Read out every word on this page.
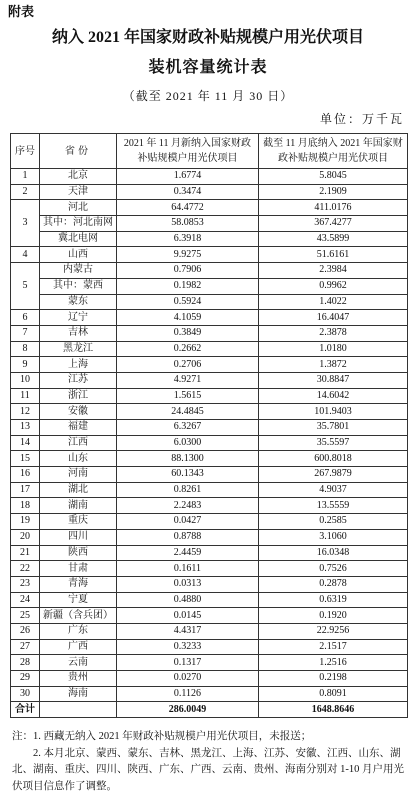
附表
纳入 2021 年国家财政补贴规模户用光伏项目
装机容量统计表
（截至 2021 年 11 月 30 日）
单位：万千瓦
序号	省份	2021 年 11 月新纳入国家财政补贴规模户用光伏项目	截至 11 月底纳入 2021 年国家财政补贴规模户用光伏项目
1	北京	1.6774	5.8045
2	天津	0.3474	2.1909
3	河北	64.4772	411.0176
	其中：河北南网	58.0853	367.4277
	冀北电网	6.3918	43.5899
4	山西	9.9275	51.6161
5	内蒙古	0.7906	2.3984
	其中：蒙西	0.1982	0.9962
	蒙东	0.5924	1.4022
6	辽宁	4.1059	16.4047
7	吉林	0.3849	2.3878
8	黑龙江	0.2662	1.0180
9	上海	0.2706	1.3872
10	江苏	4.9271	30.8847
11	浙江	1.5615	14.6042
12	安徽	24.4845	101.9403
13	福建	6.3267	35.7801
14	江西	6.0300	35.5597
15	山东	88.1300	600.8018
16	河南	60.1343	267.9879
17	湖北	0.8261	4.9037
18	湖南	2.2483	13.5559
19	重庆	0.0427	0.2585
20	四川	0.8788	3.1060
21	陕西	2.4459	16.0348
22	甘肃	0.1611	0.7526
23	青海	0.0313	0.2878
24	宁夏	0.4880	0.6319
25	新疆（含兵团）	0.0145	0.1920
26	广东	4.4317	22.9256
27	广西	0.3233	2.1517
28	云南	0.1317	1.2516
29	贵州	0.0270	0.2198
30	海南	0.1126	0.8091
合计		286.0049	1648.8646
注：1. 西藏无纳入 2021 年财政补贴规模户用光伏项目，未报送；
2. 本月北京、蒙西、蒙东、吉林、黑龙江、上海、江苏、安徽、江西、山东、湖北、湖南、重庆、四川、陕西、广东、广西、云南、贵州、海南分别对 1-10 月户用光伏项目信息作了调整。
